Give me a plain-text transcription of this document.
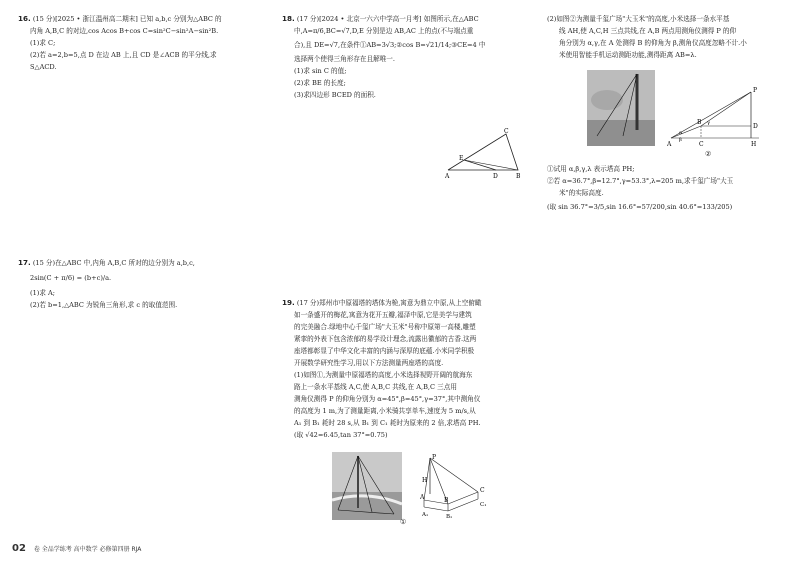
16. (15 分)[2025 • 浙江温州高二期末] 已知 a,b,c 分别为△ABC 的

内角 A,B,C 的对边,cos Acos B+cos C=sin²C−sin²A−sin²B.

(1)求 C;

(2)若 a=2,b=5,点 D 在边 AB 上,且 CD 是∠ACB 的平分线,求

S△ACD.

17. (15 分)在△ABC 中,内角 A,B,C 所对的边分别为 a,b,c,

2sin(C + π/6) = (b+c)/a.

(1)求 A;

(2)若 b=1,△ABC 为锐角三角形,求 c 的取值范围.

18. (17 分)[2024 • 北京一六六中学高一月考] 如图所示,在△ABC

中,A=π/6,BC=√7,D,E 分别是边 AB,AC 上的点(不与端点重

合),且 DE=√7,在条件①AB=3√3;②cos B=√21/14;③CE=4 中

选择两个使得三角形存在且解唯一.

(1)求 sin C 的值;

(2)求 BE 的长度;

(3)求四边形 BCED 的面积.

C
E
A	D	B

19. (17 分)郑州市中原福塔的塔体为桅,寓意为鼎立中原,从上空俯瞰

如一条盛开的梅花,寓意为花开五瓣,福泽中原,它是美学与建筑

的完美融合.绿地中心千玺广场"大玉米"号称中原第一高楼,雕塑

紧挛的外表下包含浓郁的易学设计理念,流露出徽郁的古香.这两

座塔都彰显了中华文化丰富的内涵与深厚的底蕴.小米同学积极

开展数学研究性学习,用以下方法测量两座塔的高度.

(1)如图①,为测量中原福塔的高度,小米选择视野开阔的航海东

路上一条水平基线 A,C,使 A,B,C 共线,在 A,B,C 三点用

测角仪测得 P 的仰角分别为 α=45°,β=45°,γ=37°,其中测角仪

的高度为 1 m,为了测量距离,小米骑共享单车,速度为 5 m/s,从

A₁ 到 B₁ 耗时 28 s,从 B₁ 到 C₁ 耗时为原来的 2 倍,求塔高 PH.

(取 √42=6.45,tan 37°=0.75)

P
H
A	B
C
A₁	B₁
C₁
①

(2)如图②为测量千玺广场"大玉米"的高度,小米选择一条水平基

线 AH,使 A,C,H 三点共线,在 A,B 两点用测角仪测得 P 的仰

角分别为 α,γ,在 A 处测得 B 的仰角为 β,测角仪高度忽略不计.小

米使用智能手机运动测距功能,测得距离 AB=λ.

P
A
B
C
D
H
α
β
γ
②

①试用 α,β,γ,λ 表示塔高 PH;

②若 α=36.7°,β=12.7°,γ=53.3°,λ=205 m,求千玺广场"大玉

米"的实际高度.

(取 sin 36.7°=3/5,sin 16.6°=57/200,sin 40.6°=133/205)

02 卷 全品学练考 高中数学 必修第四册 RJA
